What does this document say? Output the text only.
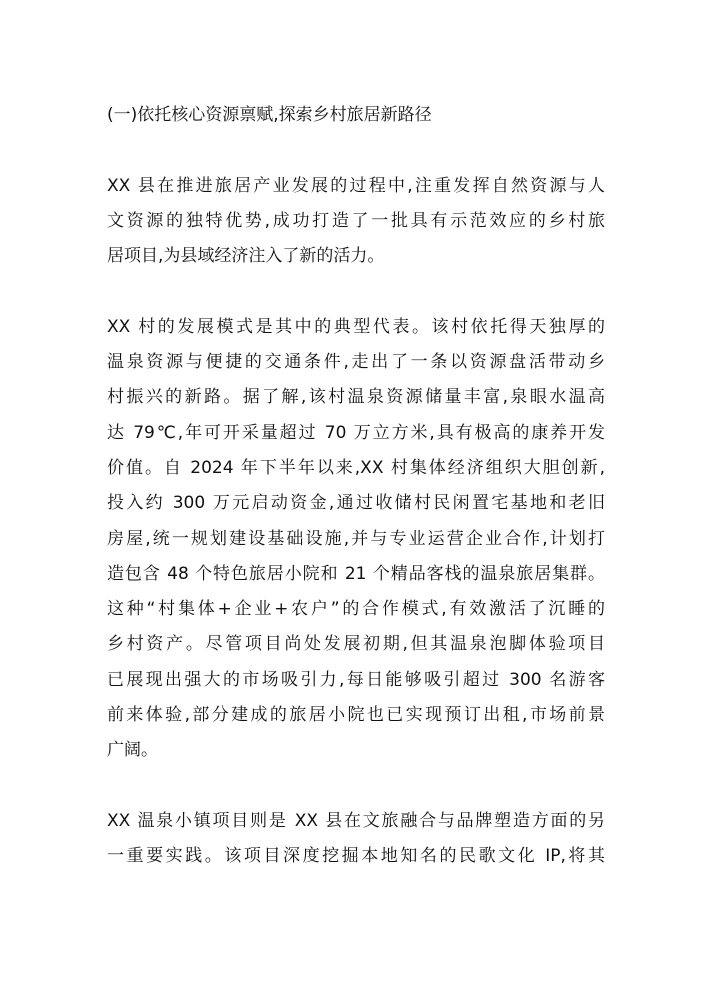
(一)依托核心资源禀赋,探索乡村旅居新路径
XX 县在推进旅居产业发展的过程中,注重发挥自然资源与人
文资源的独特优势,成功打造了一批具有示范效应的乡村旅
居项目,为县域经济注入了新的活力。
XX 村的发展模式是其中的典型代表。该村依托得天独厚的
温泉资源与便捷的交通条件,走出了一条以资源盘活带动乡
村振兴的新路。据了解,该村温泉资源储量丰富,泉眼水温高
达 79℃,年可开采量超过 70 万立方米,具有极高的康养开发
价值。自 2024 年下半年以来,XX 村集体经济组织大胆创新,
投入约 300 万元启动资金,通过收储村民闲置宅基地和老旧
房屋,统一规划建设基础设施,并与专业运营企业合作,计划打
造包含 48 个特色旅居小院和 21 个精品客栈的温泉旅居集群。
这种“村集体+企业+农户”的合作模式,有效激活了沉睡的
乡村资产。尽管项目尚处发展初期,但其温泉泡脚体验项目
已展现出强大的市场吸引力,每日能够吸引超过 300 名游客
前来体验,部分建成的旅居小院也已实现预订出租,市场前景
广阔。
XX 温泉小镇项目则是 XX 县在文旅融合与品牌塑造方面的另
一重要实践。该项目深度挖掘本地知名的民歌文化 IP,将其
